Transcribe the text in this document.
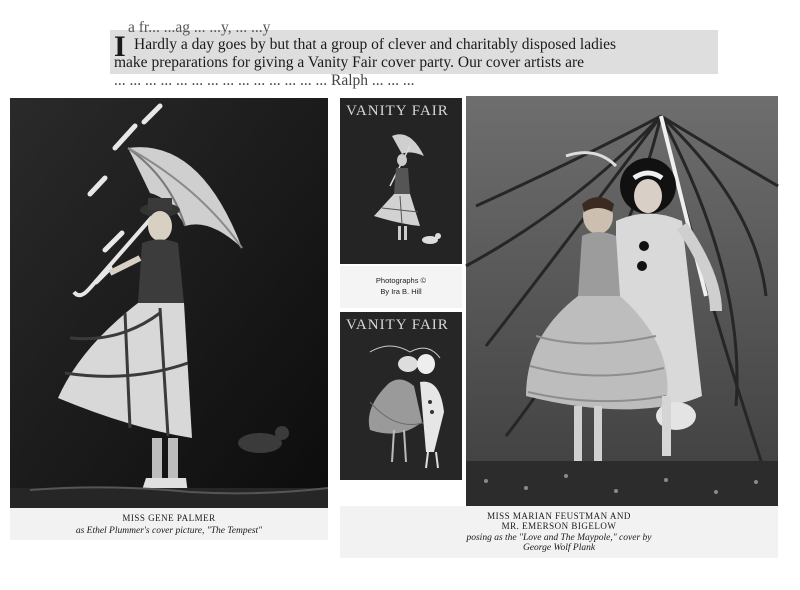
a fr... ...ag ... ...y, ... ...y
I Hardly a day goes by but that a group of clever and charitably disposed ladies
make preparations for giving a Vanity Fair cover party. Our cover artists are
... ... ... ... ... ... ... ... ... ... ... ... ... ... Ralph ... ... ...
MISS GENE PALMER
as Ethel Plummer's cover picture, "The Tempest"
VANITY FAIR
Photographs ©
By Ira B. Hill
VANITY FAIR
MISS MARIAN FEUSTMAN AND
MR. EMERSON BIGELOW
posing as the "Love and The Maypole," cover by
George Wolf Plank
